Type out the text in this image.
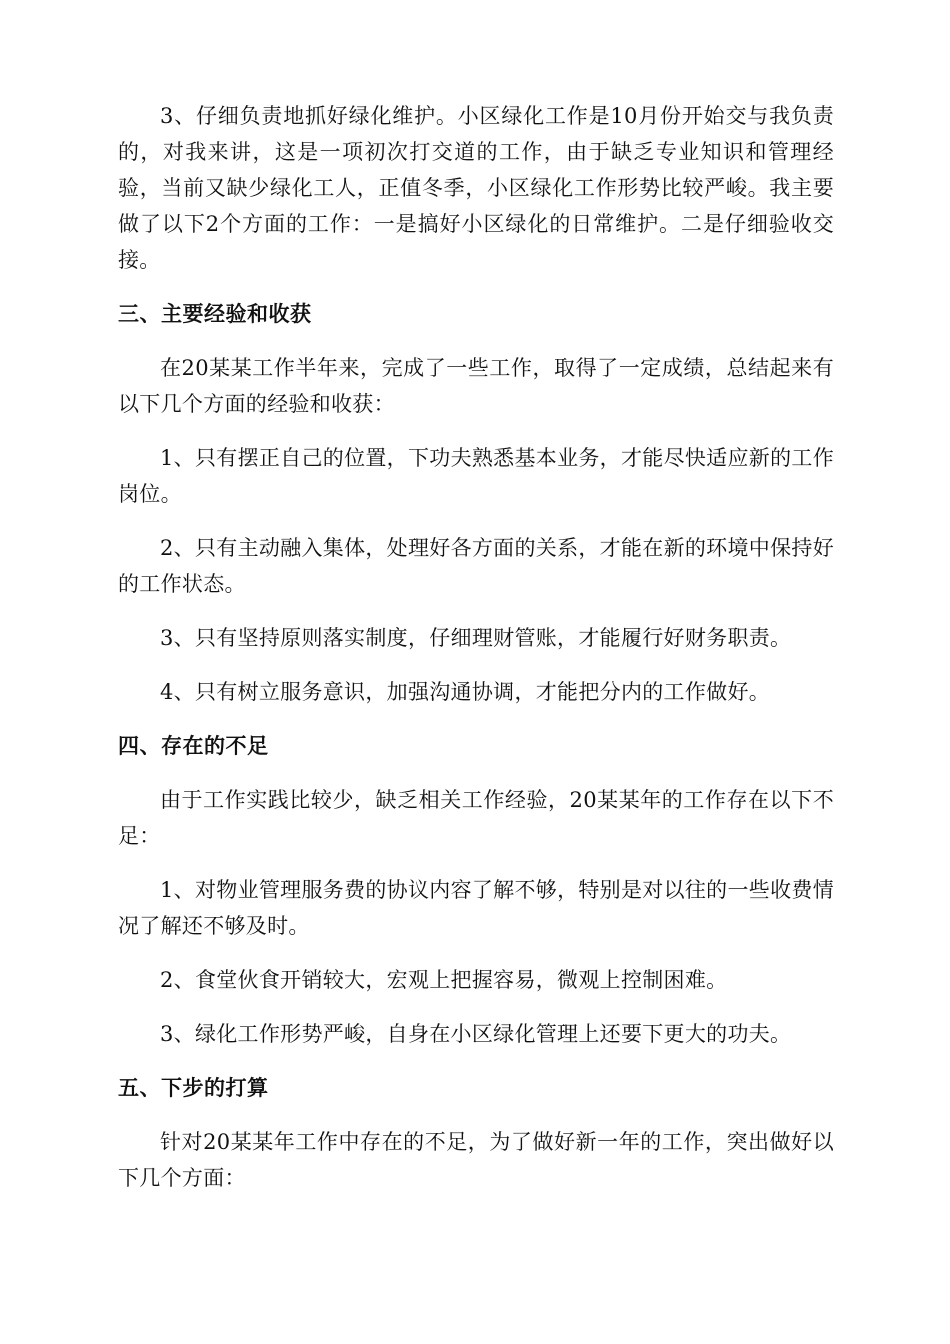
3、仔细负责地抓好绿化维护。小区绿化工作是10月份开始交与我负责的，对我来讲，这是一项初次打交道的工作，由于缺乏专业知识和管理经验，当前又缺少绿化工人，正值冬季，小区绿化工作形势比较严峻。我主要做了以下2个方面的工作：一是搞好小区绿化的日常维护。二是仔细验收交接。

三、主要经验和收获

在20某某工作半年来，完成了一些工作，取得了一定成绩，总结起来有以下几个方面的经验和收获：

1、只有摆正自己的位置，下功夫熟悉基本业务，才能尽快适应新的工作岗位。

2、只有主动融入集体，处理好各方面的关系，才能在新的环境中保持好的工作状态。

3、只有坚持原则落实制度，仔细理财管账，才能履行好财务职责。

4、只有树立服务意识，加强沟通协调，才能把分内的工作做好。

四、存在的不足

由于工作实践比较少，缺乏相关工作经验，20某某年的工作存在以下不足：

1、对物业管理服务费的协议内容了解不够，特别是对以往的一些收费情况了解还不够及时。

2、食堂伙食开销较大，宏观上把握容易，微观上控制困难。

3、绿化工作形势严峻，自身在小区绿化管理上还要下更大的功夫。

五、下步的打算

针对20某某年工作中存在的不足，为了做好新一年的工作，突出做好以下几个方面：
